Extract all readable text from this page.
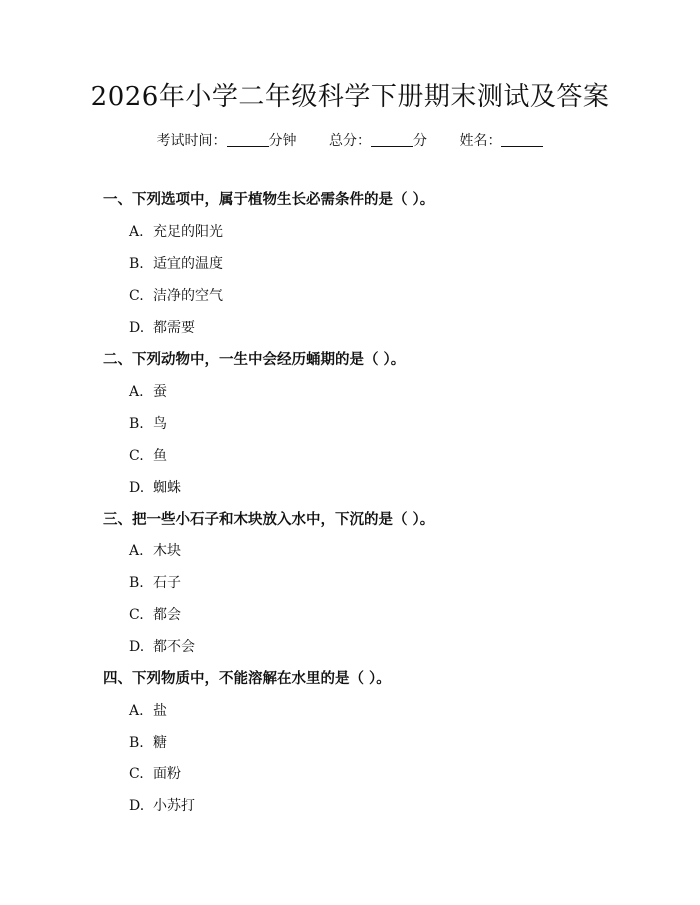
2026年小学二年级科学下册期末测试及答案
考试时间：	分钟 总分：	分 姓名：
一、下列选项中，属于植物生长必需条件的是（ ）。
A. 充足的阳光
B. 适宜的温度
C. 洁净的空气
D. 都需要
二、下列动物中，一生中会经历蛹期的是（ ）。
A. 蚕
B. 鸟
C. 鱼
D. 蜘蛛
三、把一些小石子和木块放入水中，下沉的是（ ）。
A. 木块
B. 石子
C. 都会
D. 都不会
四、下列物质中，不能溶解在水里的是（ ）。
A. 盐
B. 糖
C. 面粉
D. 小苏打
